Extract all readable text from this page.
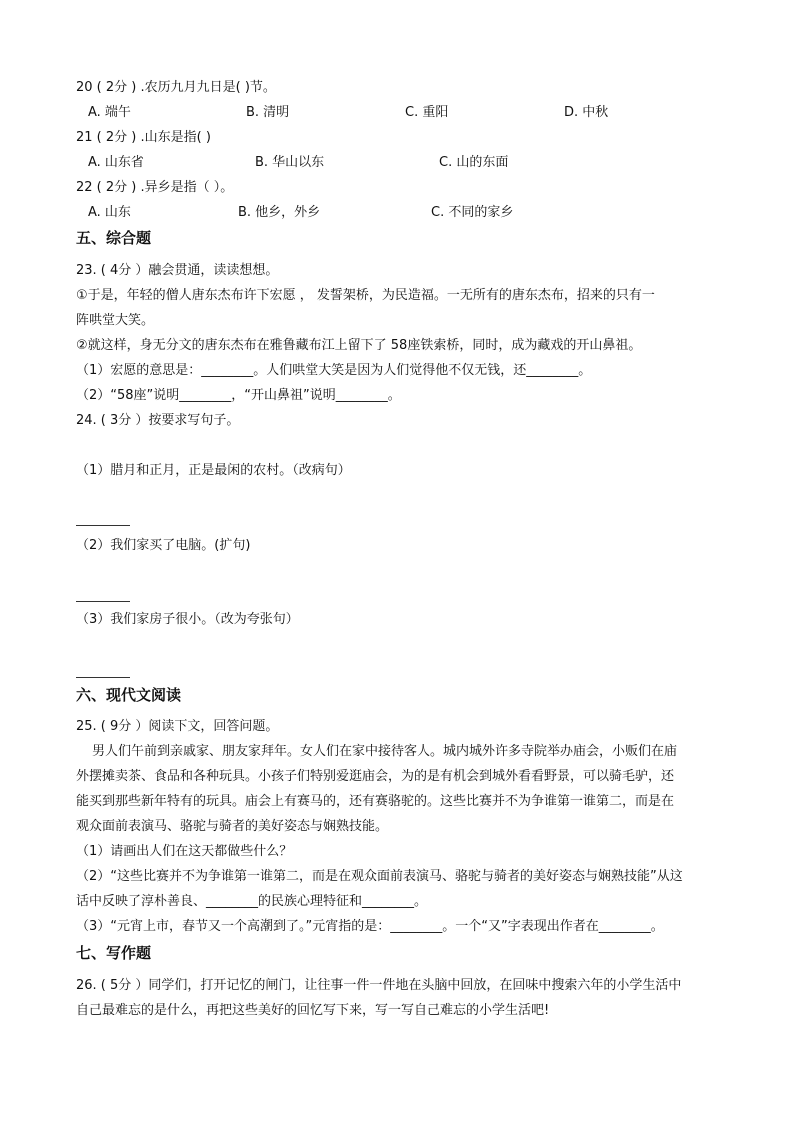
20 ( 2分 ) .农历九月九日是( )节。
A. 端午	B. 清明	C. 重阳	D. 中秋
21 ( 2分 ) .山东是指( )
A. 山东省	B. 华山以东	C. 山的东面
22 ( 2分 ) .异乡是指（ ）。
A. 山东	B. 他乡，外乡	C. 不同的家乡
五、综合题
23. ( 4分 ）融会贯通，读读想想。
①于是，年轻的僧人唐东杰布许下宏愿 ， 发誓架桥，为民造福。一无所有的唐东杰布，招来的只有一
阵哄堂大笑。
②就这样，身无分文的唐东杰布在雅鲁藏布江上留下了 58座铁索桥，同时，成为藏戏的开山鼻祖。
（1）宏愿的意思是：________。人们哄堂大笑是因为人们觉得他不仅无钱，还________。
（2）“58座”说明________，“开山鼻祖”说明________。
24. ( 3分 ）按要求写句子。
（1）腊月和正月，正是最闲的农村。（改病句）
（2）我们家买了电脑。(扩句)
（3）我们家房子很小。（改为夸张句）
六、现代文阅读
25. ( 9分 ）阅读下文，回答问题。
男人们午前到亲戚家、朋友家拜年。女人们在家中接待客人。城内城外许多寺院举办庙会，小贩们在庙
外摆摊卖茶、食品和各种玩具。小孩子们特别爱逛庙会，为的是有机会到城外看看野景，可以骑毛驴，还
能买到那些新年特有的玩具。庙会上有赛马的，还有赛骆驼的。这些比赛并不为争谁第一谁第二，而是在
观众面前表演马、骆驼与骑者的美好姿态与娴熟技能。
（1）请画出人们在这天都做些什么？
（2）“这些比赛并不为争谁第一谁第二，而是在观众面前表演马、骆驼与骑者的美好姿态与娴熟技能”从这
话中反映了淳朴善良、________的民族心理特征和________。
（3）“元宵上市，春节又一个高潮到了。”元宵指的是：________。一个“又”字表现出作者在________。
七、写作题
26. ( 5分 ）同学们，打开记忆的闸门，让往事一件一件地在头脑中回放，在回味中搜索六年的小学生活中
自己最难忘的是什么，再把这些美好的回忆写下来，写一写自己难忘的小学生活吧!
